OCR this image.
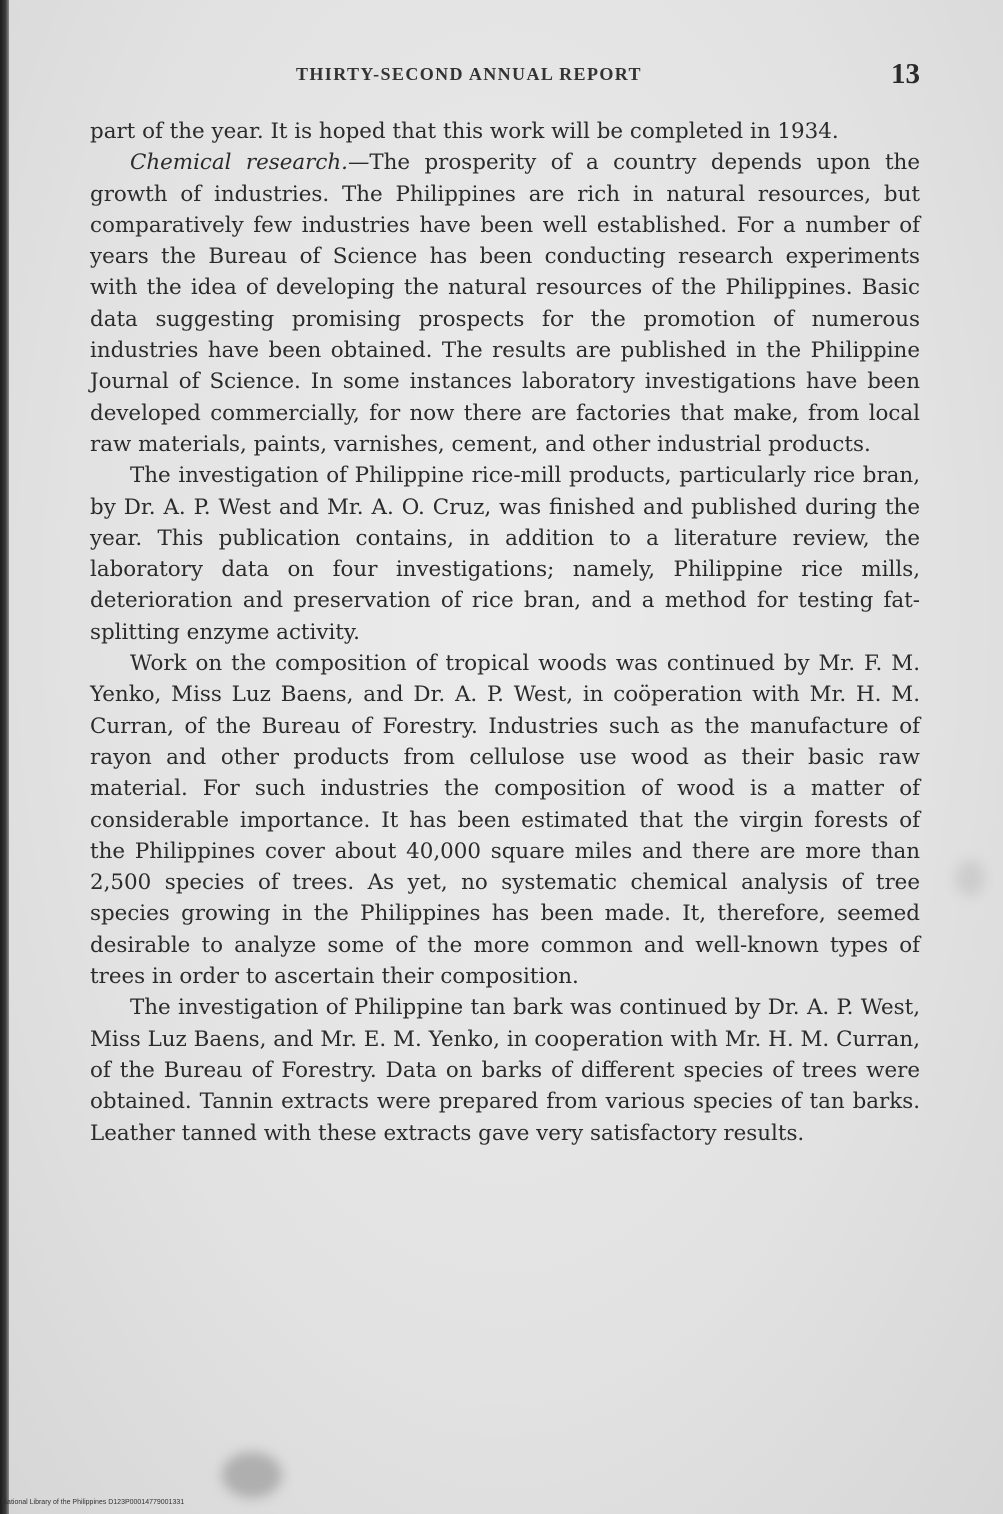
THIRTY-SECOND ANNUAL REPORT	13

part of the year. It is hoped that this work will be completed in 1934.

Chemical research.—The prosperity of a country depends upon the growth of industries. The Philippines are rich in natural resources, but comparatively few industries have been well established. For a number of years the Bureau of Science has been conducting research experiments with the idea of developing the natural resources of the Philippines. Basic data suggesting promising prospects for the promotion of numerous industries have been obtained. The results are published in the Philippine Journal of Science. In some instances laboratory investigations have been developed commercially, for now there are factories that make, from local raw materials, paints, varnishes, cement, and other industrial products.

The investigation of Philippine rice-mill products, particularly rice bran, by Dr. A. P. West and Mr. A. O. Cruz, was finished and published during the year. This publication contains, in addition to a literature review, the laboratory data on four investigations; namely, Philippine rice mills, deterioration and preservation of rice bran, and a method for testing fat-splitting enzyme activity.

Work on the composition of tropical woods was continued by Mr. F. M. Yenko, Miss Luz Baens, and Dr. A. P. West, in coöperation with Mr. H. M. Curran, of the Bureau of Forestry. Industries such as the manufacture of rayon and other products from cellulose use wood as their basic raw material. For such industries the composition of wood is a matter of considerable importance. It has been estimated that the virgin forests of the Philippines cover about 40,000 square miles and there are more than 2,500 species of trees. As yet, no systematic chemical analysis of tree species growing in the Philippines has been made. It, therefore, seemed desirable to analyze some of the more common and well-known types of trees in order to ascertain their composition.

The investigation of Philippine tan bark was continued by Dr. A. P. West, Miss Luz Baens, and Mr. E. M. Yenko, in cooperation with Mr. H. M. Curran, of the Bureau of Forestry. Data on barks of different species of trees were obtained. Tannin extracts were prepared from various species of tan barks. Leather tanned with these extracts gave very satisfactory results.

National Library of the Philippines D123P00014779001331
